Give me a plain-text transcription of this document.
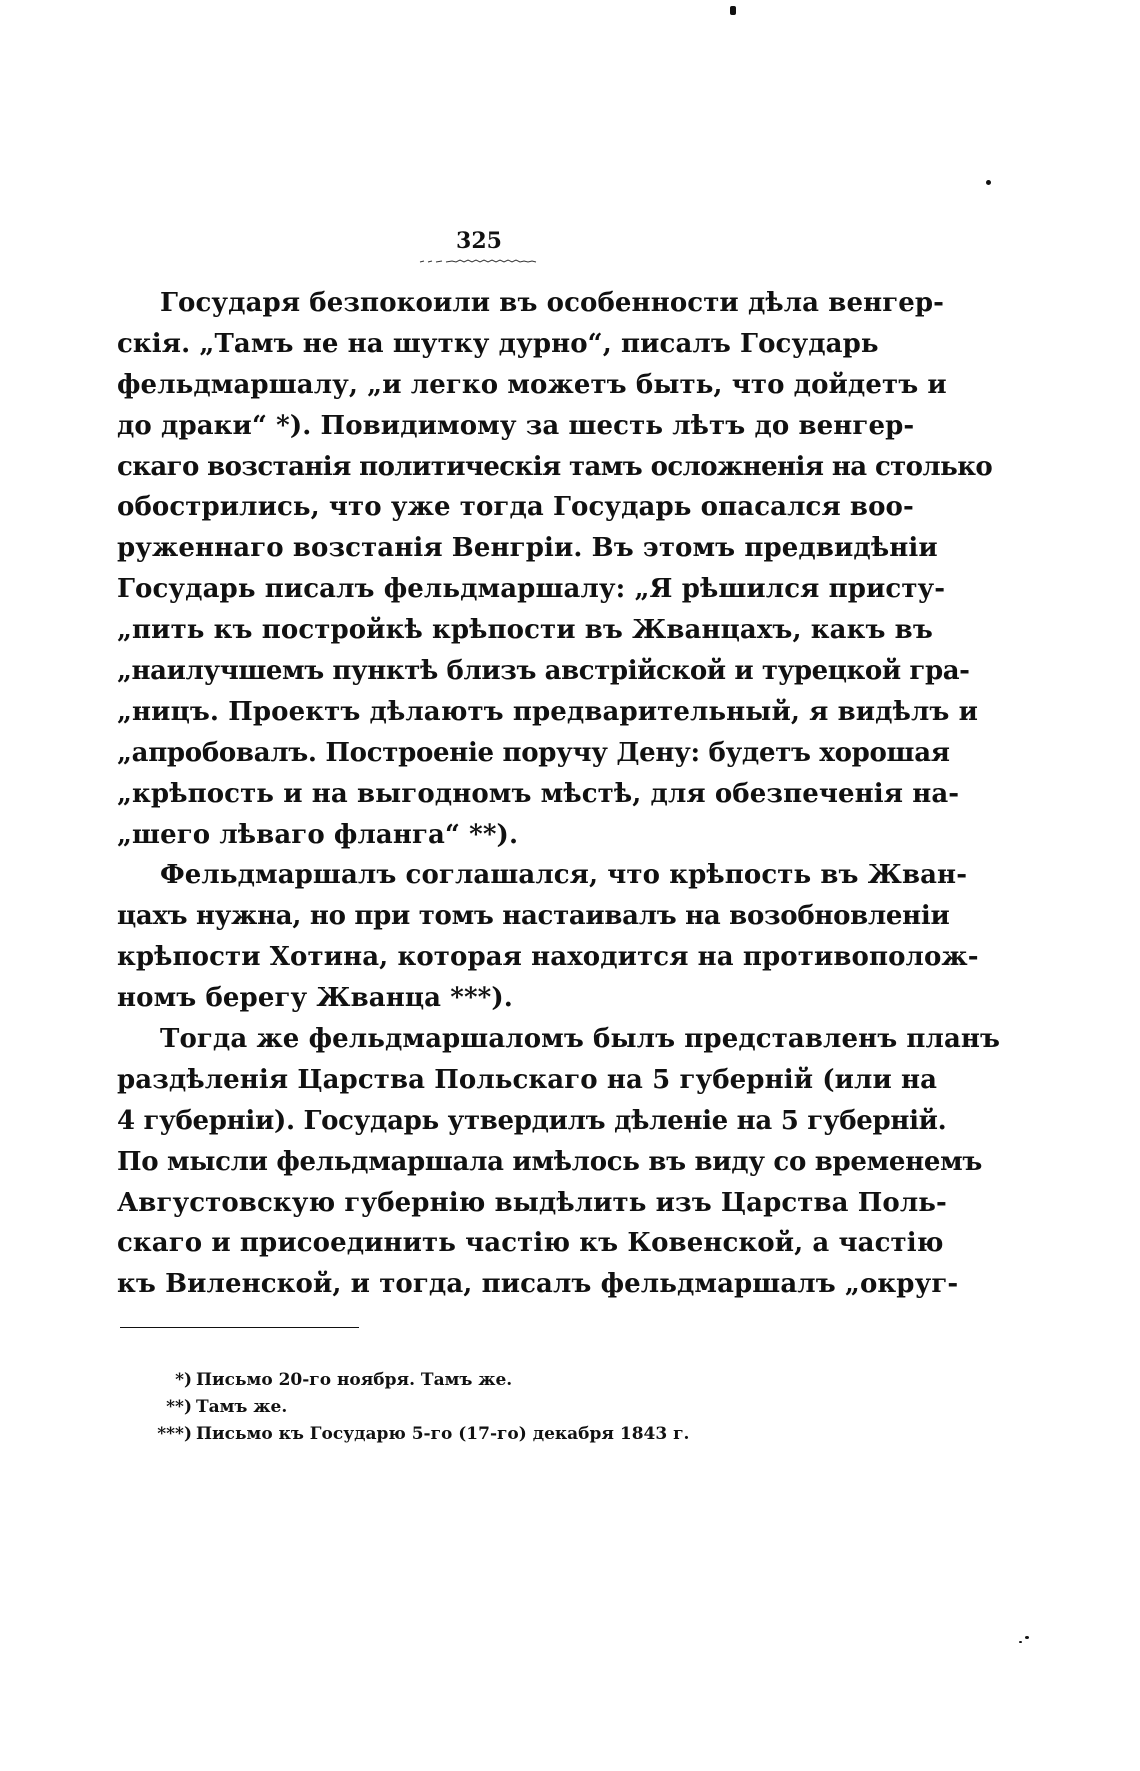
325
Государя безпокоили въ особенности дѣла венгер-
скія. „Тамъ не на шутку дурно“, писалъ Государь
фельдмаршалу, „и легко можетъ быть, что дойдетъ и
до драки“ *). Повидимому за шесть лѣтъ до венгер-
скаго возстанія политическія тамъ осложненія на столько
обострились, что уже тогда Государь опасался воо-
руженнаго возстанія Венгріи. Въ этомъ предвидѣніи
Государь писалъ фельдмаршалу: „Я рѣшился присту-
„пить къ постройкѣ крѣпости въ Жванцахъ, какъ въ
„наилучшемъ пунктѣ близъ австрійской и турецкой гра-
„ницъ. Проектъ дѣлаютъ предварительный, я видѣлъ и
„апробовалъ. Построеніе поручу Дену: будетъ хорошая
„крѣпость и на выгодномъ мѣстѣ, для обезпеченія на-
„шего лѣваго фланга“ **).
Фельдмаршалъ соглашался, что крѣпость въ Жван-
цахъ нужна, но при томъ настаивалъ на возобновленіи
крѣпости Хотина, которая находится на противополож-
номъ берегу Жванца ***).
Тогда же фельдмаршаломъ былъ представленъ планъ
раздѣленія Царства Польскаго на 5 губерній (или на
4 губерніи). Государь утвердилъ дѣленіе на 5 губерній.
По мысли фельдмаршала имѣлось въ виду со временемъ
Августовскую губернію выдѣлить изъ Царства Поль-
скаго и присоединить частію къ Ковенской, а частію
къ Виленской, и тогда, писалъ фельдмаршалъ „округ-
*) Письмо 20-го ноября. Тамъ же.
**) Тамъ же.
***) Письмо къ Государю 5-го (17-го) декабря 1843 г.
